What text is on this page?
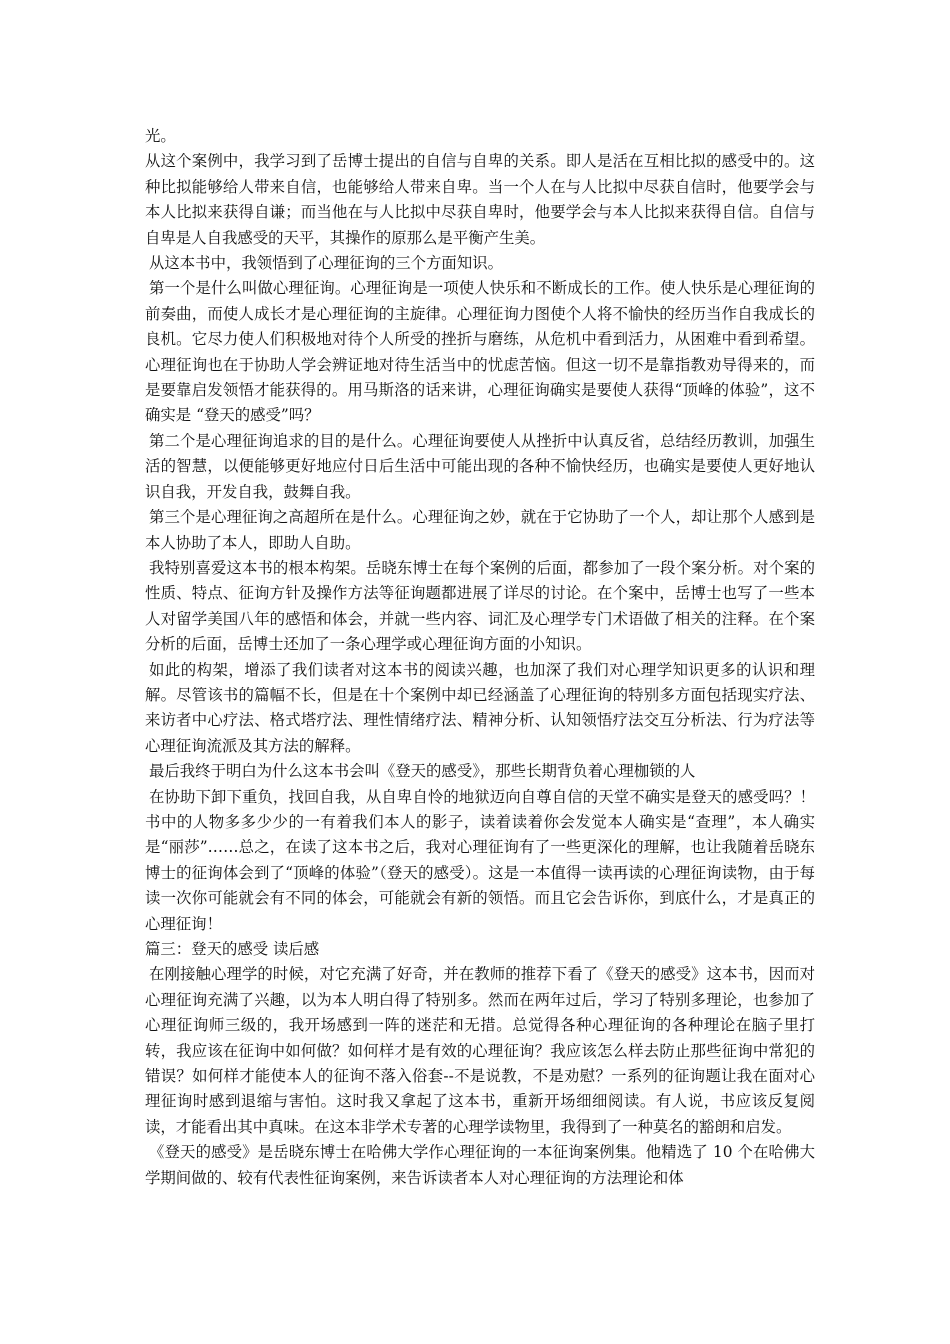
光。

从这个案例中，我学习到了岳博士提出的自信与自卑的关系。即人是活在互相比拟的感受中的。这种比拟能够给人带来自信，也能够给人带来自卑。当一个人在与人比拟中尽获自信时，他要学会与本人比拟来获得自谦；而当他在与人比拟中尽获自卑时，他要学会与本人比拟来获得自信。自信与自卑是人自我感受的天平，其操作的原那么是平衡产生美。

从这本书中，我领悟到了心理征询的三个方面知识。

第一个是什么叫做心理征询。心理征询是一项使人快乐和不断成长的工作。使人快乐是心理征询的前奏曲，而使人成长才是心理征询的主旋律。心理征询力图使个人将不愉快的经历当作自我成长的良机。它尽力使人们积极地对待个人所受的挫折与磨练，从危机中看到活力，从困难中看到希望。心理征询也在于协助人学会辨证地对待生活当中的忧虑苦恼。但这一切不是靠指教劝导得来的，而是要靠启发领悟才能获得的。用马斯洛的话来讲，心理征询确实是要使人获得“顶峰的体验”，这不确实是 “登天的感受”吗？

第二个是心理征询追求的目的是什么。心理征询要使人从挫折中认真反省，总结经历教训，加强生活的智慧，以便能够更好地应付日后生活中可能出现的各种不愉快经历，也确实是要使人更好地认识自我，开发自我，鼓舞自我。

第三个是心理征询之高超所在是什么。心理征询之妙，就在于它协助了一个人，却让那个人感到是本人协助了本人，即助人自助。

我特别喜爱这本书的根本构架。岳晓东博士在每个案例的后面，都参加了一段个案分析。对个案的性质、特点、征询方针及操作方法等征询题都进展了详尽的讨论。在个案中，岳博士也写了一些本人对留学美国八年的感悟和体会，并就一些内容、词汇及心理学专门术语做了相关的注释。在个案分析的后面，岳博士还加了一条心理学或心理征询方面的小知识。

如此的构架，增添了我们读者对这本书的阅读兴趣，也加深了我们对心理学知识更多的认识和理解。尽管该书的篇幅不长，但是在十个案例中却已经涵盖了心理征询的特别多方面包括现实疗法、来访者中心疗法、格式塔疗法、理性情绪疗法、精神分析、认知领悟疗法交互分析法、行为疗法等心理征询流派及其方法的解释。

最后我终于明白为什么这本书会叫《登天的感受》，那些长期背负着心理枷锁的人

在协助下卸下重负，找回自我，从自卑自怜的地狱迈向自尊自信的天堂不确实是登天的感受吗？！书中的人物多多少少的一有着我们本人的影子，读着读着你会发觉本人确实是“查理”，本人确实是“丽莎”……总之，在读了这本书之后，我对心理征询有了一些更深化的理解，也让我随着岳晓东博士的征询体会到了“顶峰的体验”（登天的感受）。这是一本值得一读再读的心理征询读物，由于每读一次你可能就会有不同的体会，可能就会有新的领悟。而且它会告诉你，到底什么，才是真正的心理征询！

篇三：登天的感受 读后感

在刚接触心理学的时候，对它充满了好奇，并在教师的推荐下看了《登天的感受》这本书，因而对心理征询充满了兴趣，以为本人明白得了特别多。然而在两年过后，学习了特别多理论，也参加了心理征询师三级的，我开场感到一阵的迷茫和无措。总觉得各种心理征询的各种理论在脑子里打转，我应该在征询中如何做？如何样才是有效的心理征询？我应该怎么样去防止那些征询中常犯的错误？如何样才能使本人的征询不落入俗套--不是说教，不是劝慰？一系列的征询题让我在面对心理征询时感到退缩与害怕。这时我又拿起了这本书，重新开场细细阅读。有人说，书应该反复阅读，才能看出其中真味。在这本非学术专著的心理学读物里，我得到了一种莫名的豁朗和启发。

《登天的感受》是岳晓东博士在哈佛大学作心理征询的一本征询案例集。他精选了 10 个在哈佛大学期间做的、较有代表性征询案例，来告诉读者本人对心理征询的方法理论和体
